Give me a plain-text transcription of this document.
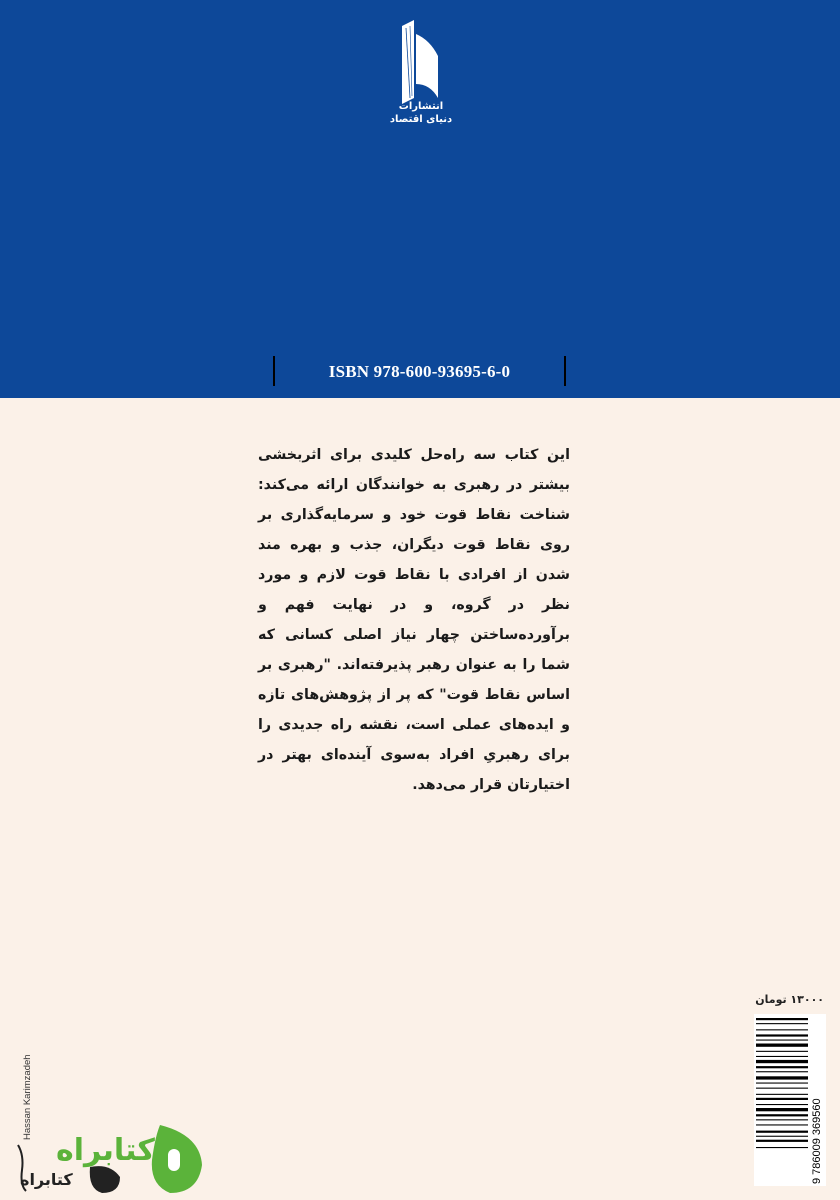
انتشارات
دنیای اقتصاد
ISBN 978-600-93695-6-0

این کتاب سه راه‌حل کلیدی برای اثربخشی بیشتر در رهبری به خوانندگان ارائه می‌کند: شناخت نقاط قوت خود و سرمایه‌گذاری بر روی نقاط قوت دیگران، جذب و بهره مند شدن از افرادی با نقاط قوت لازم و مورد نظر در گروه، و در نهایت فهم و برآورده‌ساختن چهار نیاز اصلی کسانی که شما را به عنوان رهبر پذیرفته‌اند. "رهبری بر اساس نقاط قوت" که پر از پژوهش‌های تازه و ایده‌های عملی است، نقشه راه جدیدی را برای رهبریِ افراد به‌سوی آینده‌ای بهتر در اختیارتان قرار می‌دهد.

۱۳۰۰۰ تومان
9 786009 369560
Hassan Karimzadeh
کتابراه
کتابراه
